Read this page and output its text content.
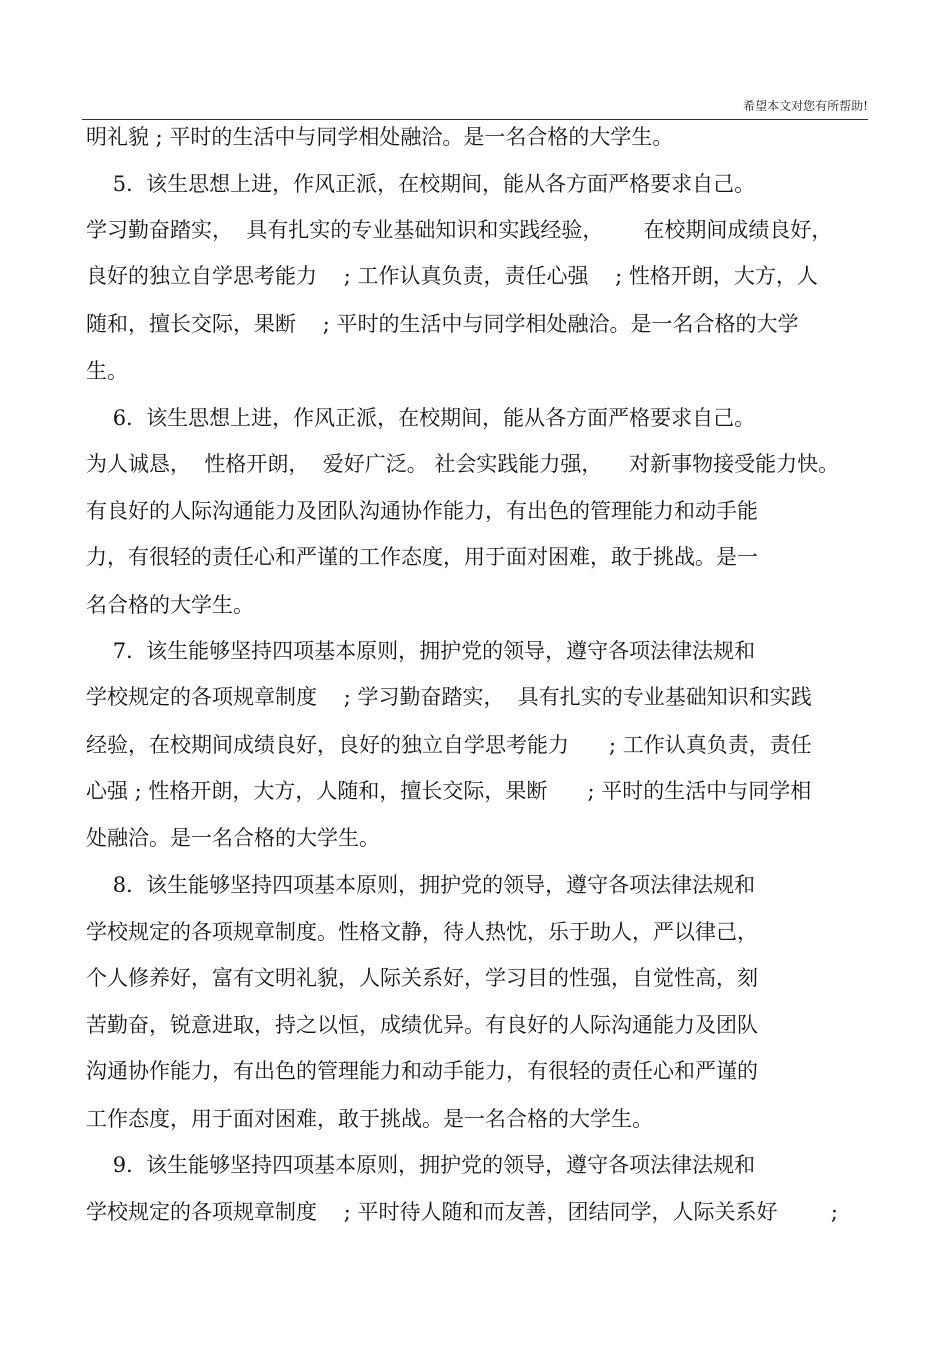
希望本文对您有所帮助!
明礼貌 ; 平时的生活中与同学相处融洽。是一名合格的大学生。
5.  该生思想上进，作风正派，在校期间，能从各方面严格要求自己。
学习勤奋踏实，  具有扎实的专业基础知识和实践经验，      在校期间成绩良好，
良好的独立自学思考能力    ; 工作认真负责，责任心强    ; 性格开朗，大方，人
随和，擅长交际，果断    ; 平时的生活中与同学相处融洽。是一名合格的大学
生。
6.  该生思想上进，作风正派，在校期间，能从各方面严格要求自己。
为人诚恳，  性格开朗，  爱好广泛。 社会实践能力强，    对新事物接受能力快。
有良好的人际沟通能力及团队沟通协作能力，有出色的管理能力和动手能
力，有很轻的责任心和严谨的工作态度，用于面对困难，敢于挑战。是一
名合格的大学生。
7.  该生能够坚持四项基本原则，拥护党的领导，遵守各项法律法规和
学校规定的各项规章制度    ; 学习勤奋踏实，  具有扎实的专业基础知识和实践
经验，在校期间成绩良好，良好的独立自学思考能力      ; 工作认真负责，责任
心强 ; 性格开朗，大方，人随和，擅长交际，果断      ; 平时的生活中与同学相
处融洽。是一名合格的大学生。
8.  该生能够坚持四项基本原则，拥护党的领导，遵守各项法律法规和
学校规定的各项规章制度。性格文静，待人热忱，乐于助人，严以律己，
个人修养好，富有文明礼貌，人际关系好，学习目的性强，自觉性高，刻
苦勤奋，锐意进取，持之以恒，成绩优异。有良好的人际沟通能力及团队
沟通协作能力，有出色的管理能力和动手能力，有很轻的责任心和严谨的
工作态度，用于面对困难，敢于挑战。是一名合格的大学生。
9.  该生能够坚持四项基本原则，拥护党的领导，遵守各项法律法规和
学校规定的各项规章制度    ; 平时待人随和而友善，团结同学，人际关系好        ;
